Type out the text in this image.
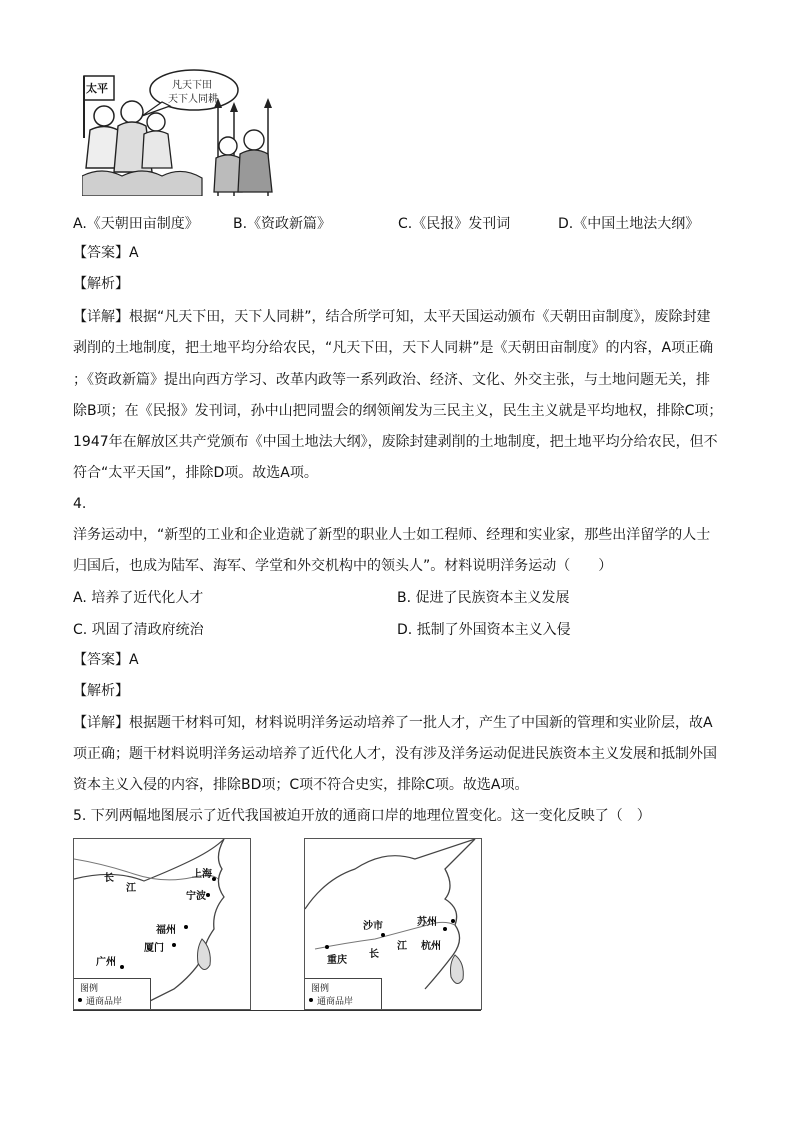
太平	凡天下田
天下人同耕
A.《天朝田亩制度》 B.《资政新篇》	C.《民报》发刊词	D.《中国土地法大纲》
【答案】A
【解析】
【详解】根据“凡天下田，天下人同耕”，结合所学可知，太平天国运动颁布《天朝田亩制度》，废除封建
剥削的土地制度，把土地平均分给农民，“凡天下田，天下人同耕”是《天朝田亩制度》的内容，A项正确
；《资政新篇》提出向西方学习、改革内政等一系列政治、经济、文化、外交主张，与土地问题无关，排
除B项；在《民报》发刊词，孙中山把同盟会的纲领阐发为三民主义，民生主义就是平均地权，排除C项；
1947年在解放区共产党颁布《中国土地法大纲》，废除封建剥削的土地制度，把土地平均分给农民，但不
符合“太平天国”，排除D项。故选A项。
4.
洋务运动中，“新型的工业和企业造就了新型的职业人士如工程师、经理和实业家，那些出洋留学的人士
归国后，也成为陆军、海军、学堂和外交机构中的领头人”。材料说明洋务运动（　　）
A. 培养了近代化人才	B. 促进了民族资本主义发展
C. 巩固了清政府统治	D. 抵制了外国资本主义入侵
【答案】A
【解析】
【详解】根据题干材料可知，材料说明洋务运动培养了一批人才，产生了中国新的管理和实业阶层，故A
项正确；题干材料说明洋务运动培养了近代化人才，没有涉及洋务运动促进民族资本主义发展和抵制外国
资本主义入侵的内容，排除BD项；C项不符合史实，排除C项。故选A项。
5. 下列两幅地图展示了近代我国被迫开放的通商口岸的地理位置变化。这一变化反映了（　）
长
江
上海
宁波
福州
厦门
广州
图例
通商品岸
苏州
沙市
杭州
重庆
长
江
图例
通商品岸
